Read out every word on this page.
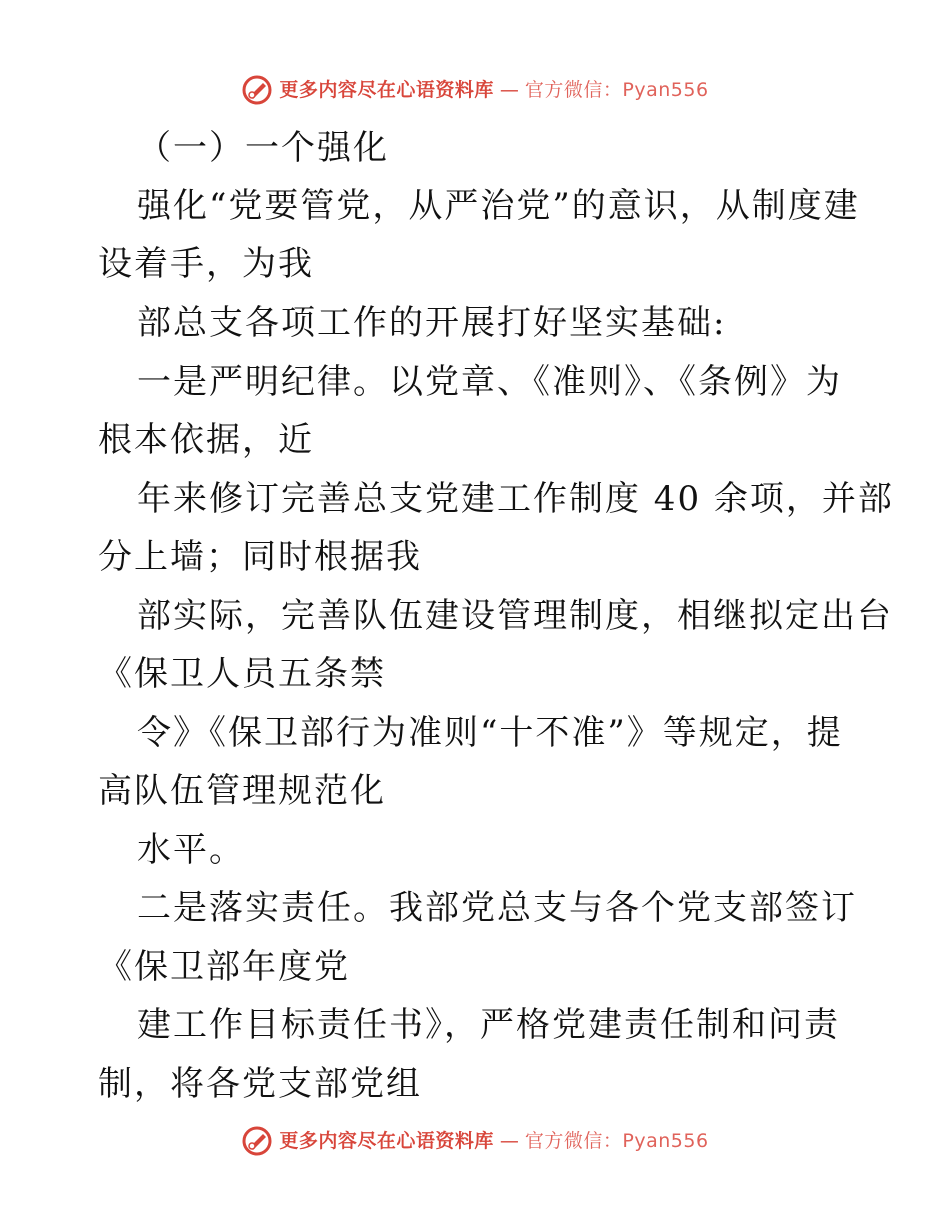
更多内容尽在心语资料库 — 官方微信：Pyan556
（一）一个强化
强化“党要管党，从严治党”的意识，从制度建
设着手，为我
部总支各项工作的开展打好坚实基础:
一是严明纪律。以党章、《准则》、《条例》为
根本依据，近
年来修订完善总支党建工作制度 40 余项，并部
分上墙；同时根据我
部实际，完善队伍建设管理制度，相继拟定出台
《保卫人员五条禁
令》《保卫部行为准则“十不准”》等规定，提
高队伍管理规范化
水平。
二是落实责任。我部党总支与各个党支部签订
《保卫部年度党
建工作目标责任书》，严格党建责任制和问责
制，将各党支部党组
更多内容尽在心语资料库 — 官方微信：Pyan556
